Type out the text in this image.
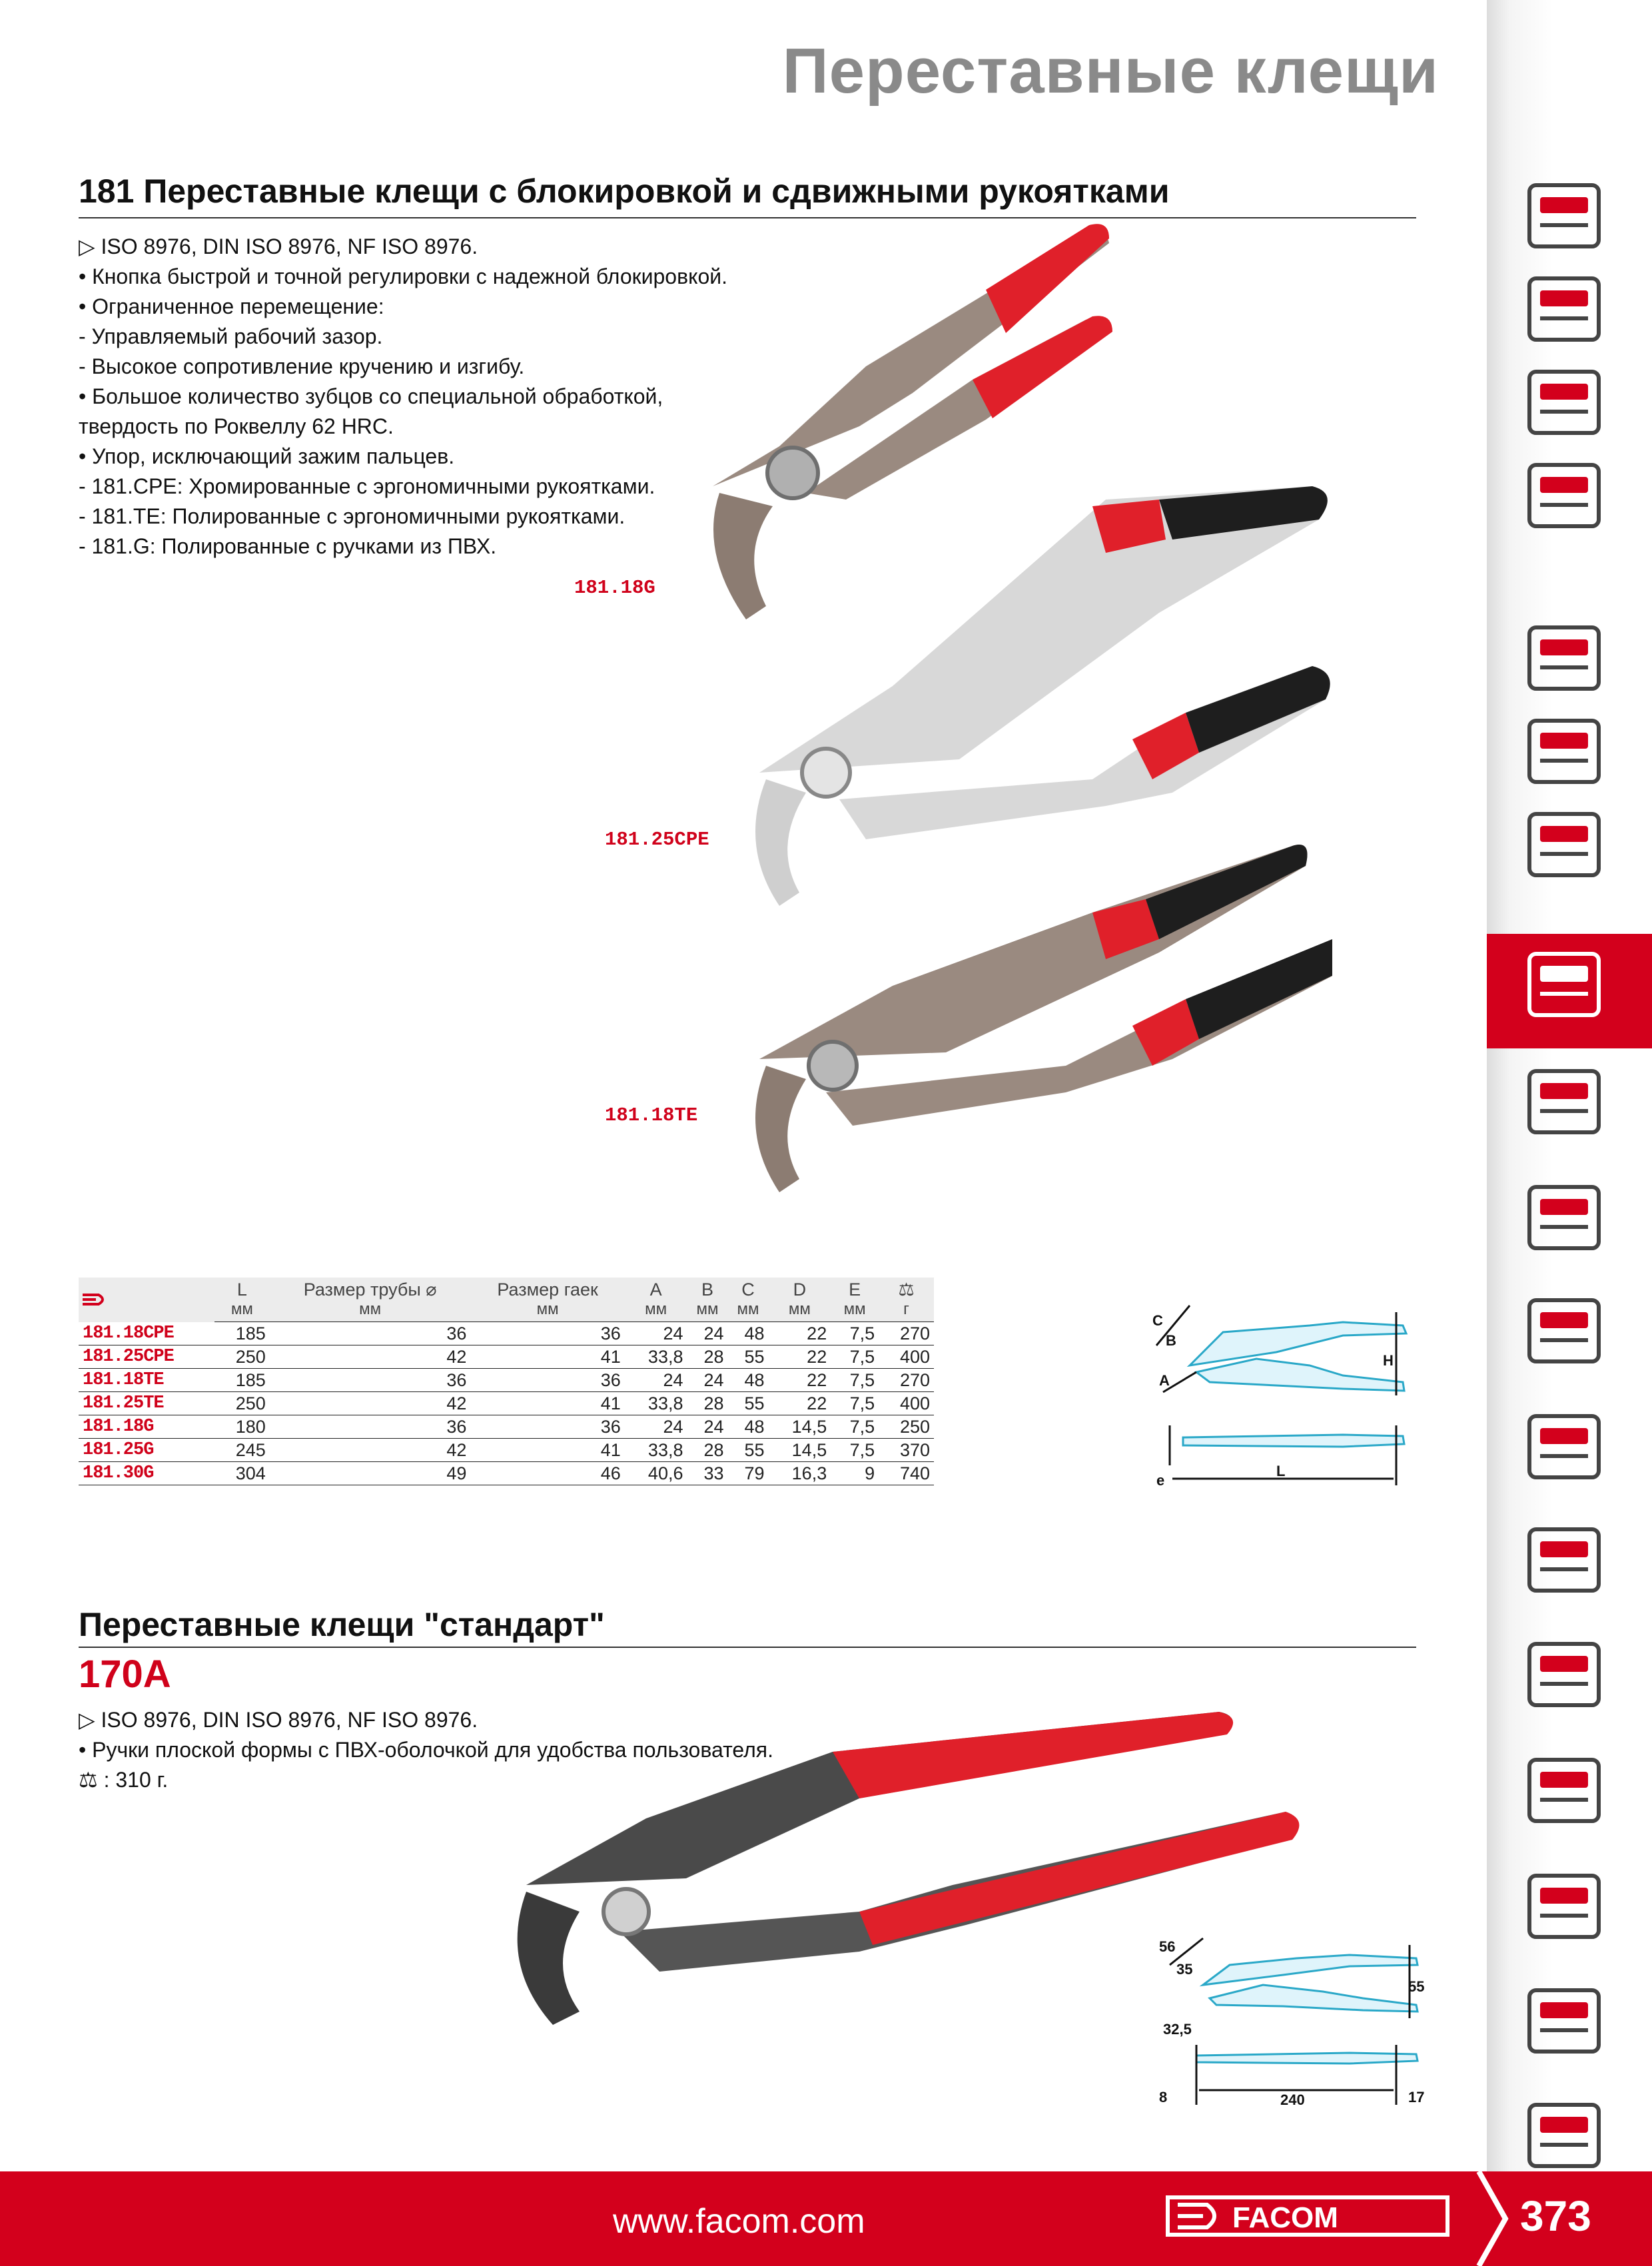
Переставные клещи
181 Переставные клещи с блокировкой и сдвижными рукоятками
▷ ISO 8976, DIN ISO 8976, NF ISO 8976.
• Кнопка быстрой и точной регулировки с надежной блокировкой.
• Ограниченное перемещение:
- Управляемый рабочий зазор.
- Высокое сопротивление кручению и изгибу.
• Большое количество зубцов со специальной обработкой,
твердость по Роквеллу 62 HRC.
• Упор, исключающий зажим пальцев.
- 181.CPE: Хромированные с эргономичными рукоятками.
- 181.TE: Полированные с эргономичными рукоятками.
- 181.G: Полированные с ручками из ПВХ.
181.18G
181.25CPE
181.18TE
	L	Размер трубы ⌀	Размер гаек	A	B	C	D	E	⚖
	мм	мм	мм	мм	мм	мм	мм	мм	г
181.18CPE	185	36	36	24	24	48	22	7,5	270
181.25CPE	250	42	41	33,8	28	55	22	7,5	400
181.18TE	185	36	36	24	24	48	22	7,5	270
181.25TE	250	42	41	33,8	28	55	22	7,5	400
181.18G	180	36	36	24	24	48	14,5	7,5	250
181.25G	245	42	41	33,8	28	55	14,5	7,5	370
181.30G	304	49	46	40,6	33	79	16,3	9	740
C
B
A
H
e
L
Переставные клещи "стандарт"
170A
▷ ISO 8976, DIN ISO 8976, NF ISO 8976.
• Ручки плоской формы с ПВХ-оболочкой для удобства пользователя.
⚖ : 310 г.
56
35
32,5
55
8	240	17
www.facom.com	FACOM	373
